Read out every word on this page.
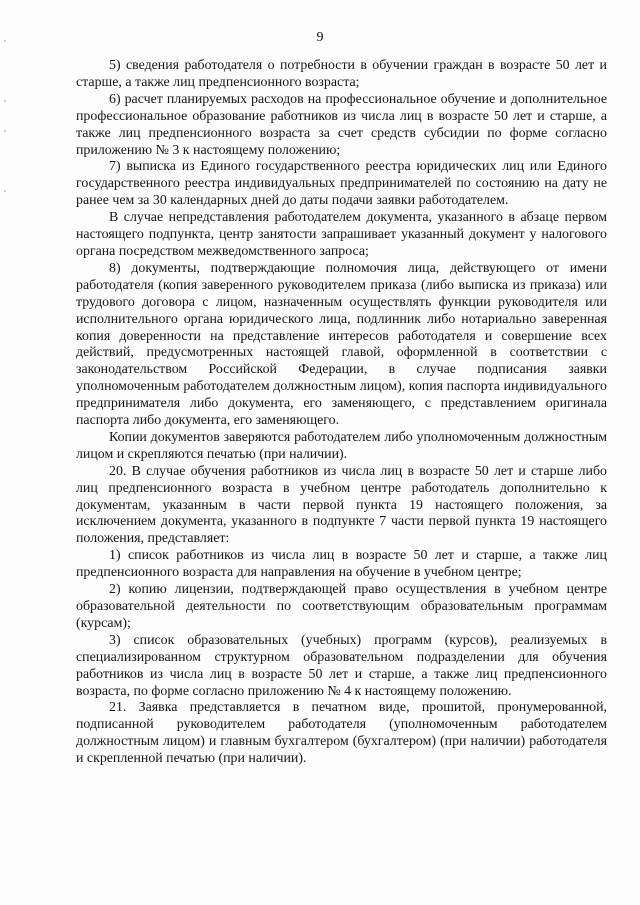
9

5) сведения работодателя о потребности в обучении граждан в возрасте 50 лет и старше, а также лиц предпенсионного возраста;

6) расчет планируемых расходов на профессиональное обучение и дополнительное профессиональное образование работников из числа лиц в возрасте 50 лет и старше, а также лиц предпенсионного возраста за счет средств субсидии по форме согласно приложению № 3 к настоящему положению;

7) выписка из Единого государственного реестра юридических лиц или Единого государственного реестра индивидуальных предпринимателей по состоянию на дату не ранее чем за 30 календарных дней до даты подачи заявки работодателем.

В случае непредставления работодателем документа, указанного в абзаце первом настоящего подпункта, центр занятости запрашивает указанный документ у налогового органа посредством межведомственного запроса;

8) документы, подтверждающие полномочия лица, действующего от имени работодателя (копия заверенного руководителем приказа (либо выписка из приказа) или трудового договора с лицом, назначенным осуществлять функции руководителя или исполнительного органа юридического лица, подлинник либо нотариально заверенная копия доверенности на представление интересов работодателя и совершение всех действий, предусмотренных настоящей главой, оформленной в соответствии с законодательством Российской Федерации, в случае подписания заявки уполномоченным работодателем должностным лицом), копия паспорта индивидуального предпринимателя либо документа, его заменяющего, с представлением оригинала паспорта либо документа, его заменяющего.

Копии документов заверяются работодателем либо уполномоченным должностным лицом и скрепляются печатью (при наличии).

20. В случае обучения работников из числа лиц в возрасте 50 лет и старше либо лиц предпенсионного возраста в учебном центре работодатель дополнительно к документам, указанным в части первой пункта 19 настоящего положения, за исключением документа, указанного в подпункте 7 части первой пункта 19 настоящего положения, представляет:

1) список работников из числа лиц в возрасте 50 лет и старше, а также лиц предпенсионного возраста для направления на обучение в учебном центре;

2) копию лицензии, подтверждающей право осуществления в учебном центре образовательной деятельности по соответствующим образовательным программам (курсам);

3) список образовательных (учебных) программ (курсов), реализуемых в специализированном структурном образовательном подразделении для обучения работников из числа лиц в возрасте 50 лет и старше, а также лиц предпенсионного возраста, по форме согласно приложению № 4 к настоящему положению.

21. Заявка представляется в печатном виде, прошитой, пронумерованной, подписанной руководителем работодателя (уполномоченным работодателем должностным лицом) и главным бухгалтером (бухгалтером) (при наличии) работодателя и скрепленной печатью (при наличии).
